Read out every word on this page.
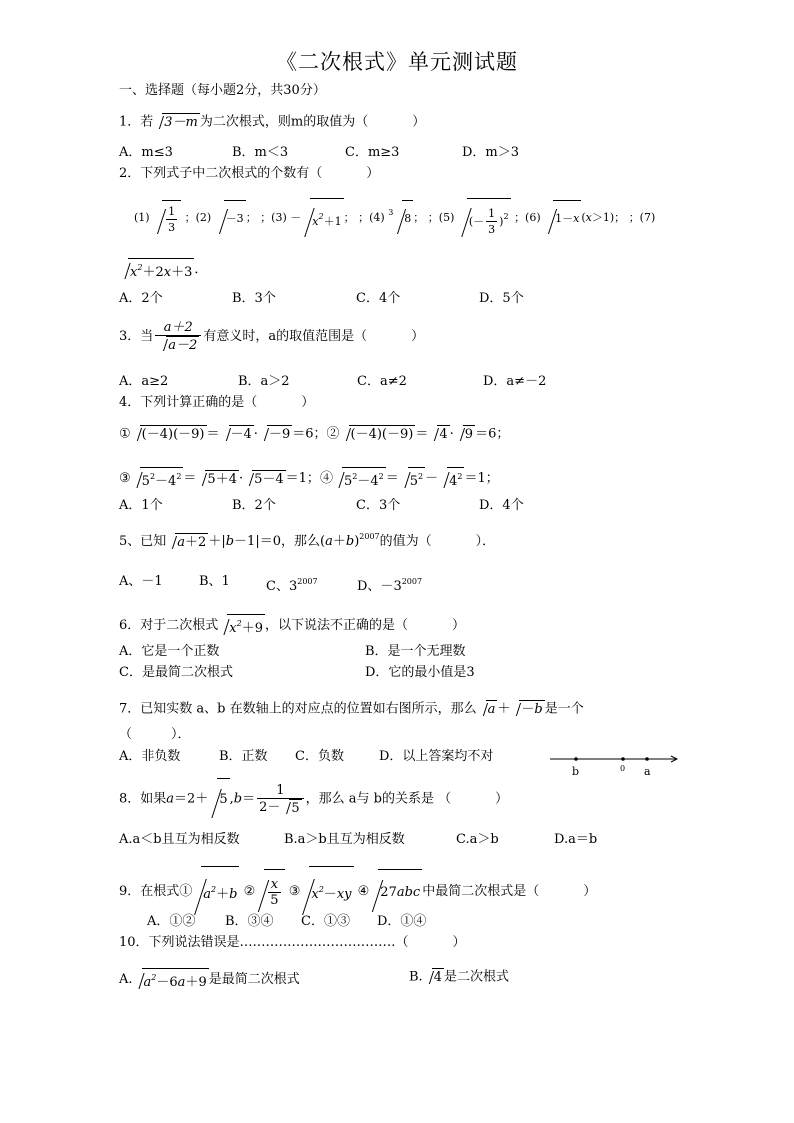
《二次根式》单元测试题
一、选择题（每小题2分，共30分）
1．若 3－m 为二次根式，则m的取值为（	）
A．m≤3	B．m＜3	C．m≥3	D．m＞3
2．下列式子中二次根式的个数有（	）
$(1) \frac{1}{3}$ ；(2) －3 ； ；$(3) - x^2+1$ ； ；(4) $^3$ 8 ； ；(5) (－ $\frac{1}{3} )^2$ ；(6) 1－x (x＞1)； ；(7)
$x^2+2x+3$ ．
A．2个	B．3个	C．4个	D．5个
3．当 $\frac{a+2}{a-2}$ 有意义时，a的取值范围是（	）
A．a≥2	B．a＞2	C．a≠2	D．a≠－2
4．下列计算正确的是（	）
① (－4)(－9) ＝ －4 · －9 ＝6；② (－4)(－9) ＝ 4 · 9 ＝6；
③ $5^2-4^2 = 5+4 \cdot 5-4 =1$；④ $5^2-4^2 = 5^2 - 4^2 =1$；
A．1个	B．2个	C．3个	D．4个
5、已知 a＋2 ＋|b－1|＝0，那么$(a+b)^{2007}$的值为（	）．
A、－1	B、1	C、$3^{2007}$	D、$-3^{2007}$
6．对于二次根式 $x^2+9$ ，以下说法不正确的是（	）
A．它是一个正数	B．是一个无理数
C．是最简二次根式	D．它的最小值是3
7．已知实数 a、b 在数轴上的对应点的位置如右图所示，那么 a ＋ －b 是一个
（　　　）．
A．非负数	B．正数 C．负数	D．以上答案均不对
b	0 a
8．如果a＝2＋ 5 $,b= \frac{1}{2- 5}$ ，那么 a与 b的关系是 （	）
A.a＜b且互为相反数	B.a＞b且互为相反数	C.a＞b	D.a＝b
9．在根式① $a^2+b$ ② $\frac{x}{5}$ ③ $x^2-xy$ ④ 27abc 中最简二次根式是（	）
A．①② B．③④ C．①③ D．①④
10．下列说法错误是………………………………（	）
A. $a^2-6a+9$ 是最简二次根式	B. 4 是二次根式
